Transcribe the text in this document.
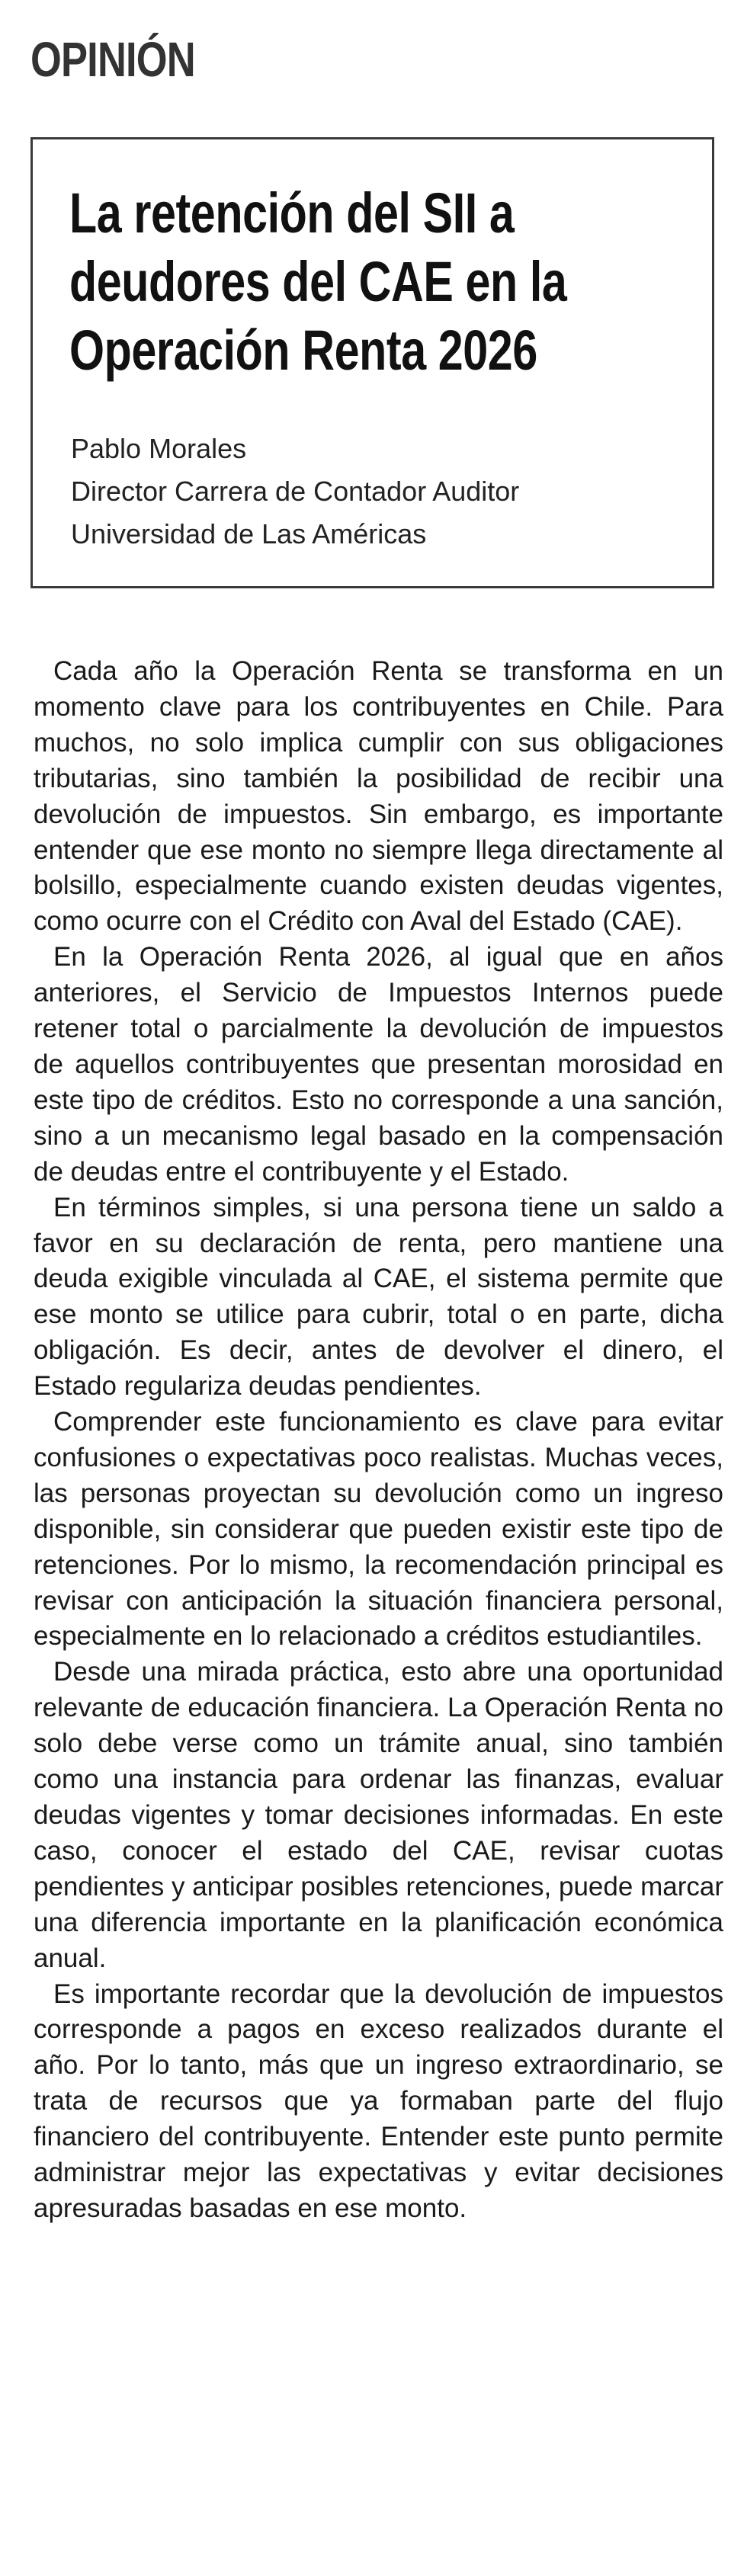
OPINIÓN
La retención del SII a deudores del CAE en la Operación Renta 2026
Pablo Morales
Director Carrera de Contador Auditor
Universidad de Las Américas

Cada año la Operación Renta se transforma en un momento clave para los contribuyentes en Chile. Para muchos, no solo implica cumplir con sus obligaciones tributarias, sino también la posibilidad de recibir una devolución de impuestos. Sin embargo, es importante entender que ese monto no siempre llega directamente al bolsillo, especialmente cuando existen deudas vigentes, como ocurre con el Crédito con Aval del Estado (CAE).

En la Operación Renta 2026, al igual que en años anteriores, el Servicio de Impuestos Internos puede retener total o parcialmente la devolución de impuestos de aquellos contribuyentes que presentan morosidad en este tipo de créditos. Esto no corresponde a una sanción, sino a un mecanismo legal basado en la compensación de deudas entre el contribuyente y el Estado.

En términos simples, si una persona tiene un saldo a favor en su declaración de renta, pero mantiene una deuda exigible vinculada al CAE, el sistema permite que ese monto se utilice para cubrir, total o en parte, dicha obligación. Es decir, antes de devolver el dinero, el Estado regulariza deudas pendientes.

Comprender este funcionamiento es clave para evitar confusiones o expectativas poco realistas. Muchas veces, las personas proyectan su devolución como un ingreso disponible, sin considerar que pueden existir este tipo de retenciones. Por lo mismo, la recomendación principal es revisar con anticipación la situación financiera personal, especialmente en lo relacionado a créditos estudiantiles.

Desde una mirada práctica, esto abre una oportunidad relevante de educación financiera. La Operación Renta no solo debe verse como un trámite anual, sino también como una instancia para ordenar las finanzas, evaluar deudas vigentes y tomar decisiones informadas. En este caso, conocer el estado del CAE, revisar cuotas pendientes y anticipar posibles retenciones, puede marcar una diferencia importante en la planificación económica anual.

Es importante recordar que la devolución de impuestos corresponde a pagos en exceso realizados durante el año. Por lo tanto, más que un ingreso extraordinario, se trata de recursos que ya formaban parte del flujo financiero del contribuyente. Entender este punto permite administrar mejor las expectativas y evitar decisiones apresuradas basadas en ese monto.
